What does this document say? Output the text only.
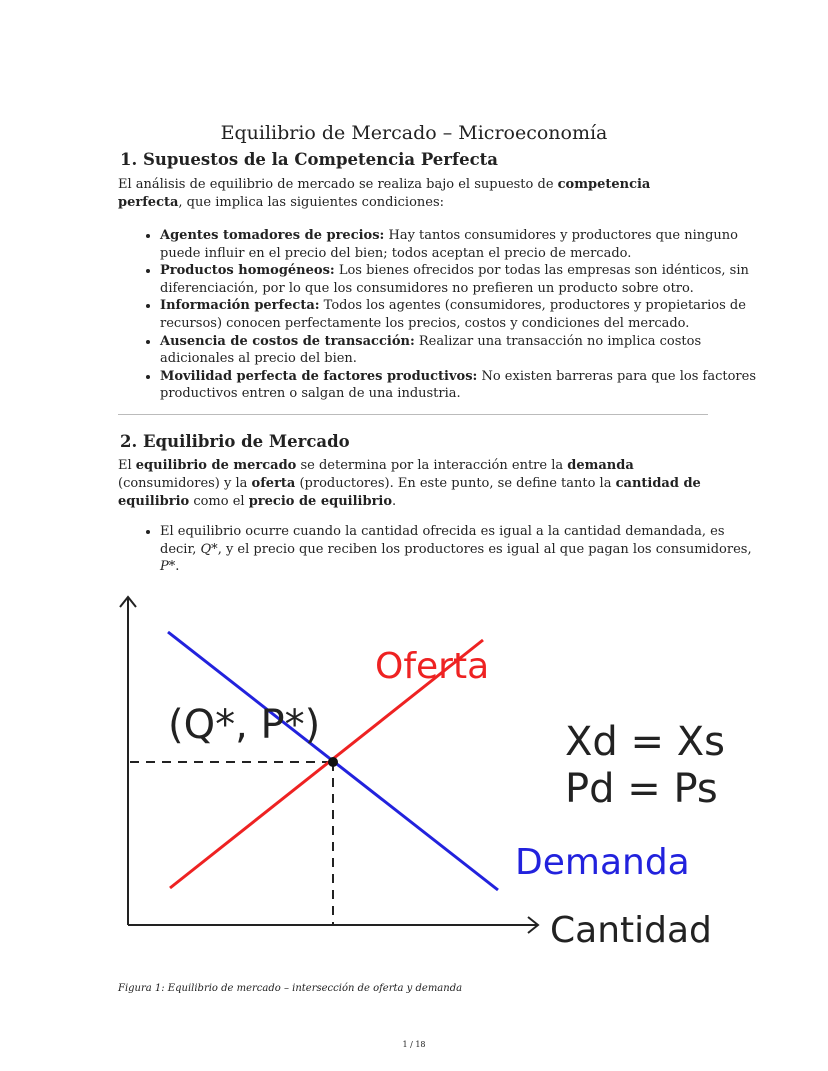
Equilibrio de Mercado – Microeconomía
1. Supuestos de la Competencia Perfecta

El análisis de equilibrio de mercado se realiza bajo el supuesto de competencia perfecta, que implica las siguientes condiciones:

• Agentes tomadores de precios: Hay tantos consumidores y productores que ninguno puede influir en el precio del bien; todos aceptan el precio de mercado.
• Productos homogéneos: Los bienes ofrecidos por todas las empresas son idénticos, sin diferenciación, por lo que los consumidores no prefieren un producto sobre otro.
• Información perfecta: Todos los agentes (consumidores, productores y propietarios de recursos) conocen perfectamente los precios, costos y condiciones del mercado.
• Ausencia de costos de transacción: Realizar una transacción no implica costos adicionales al precio del bien.
• Movilidad perfecta de factores productivos: No existen barreras para que los factores productivos entren o salgan de una industria.
2. Equilibrio de Mercado

El equilibrio de mercado se determina por la interacción entre la demanda (consumidores) y la oferta (productores). En este punto, se define tanto la cantidad de equilibrio como el precio de equilibrio.

• El equilibrio ocurre cuando la cantidad ofrecida es igual a la cantidad demandada, es decir, Q*, y el precio que reciben los productores es igual al que pagan los consumidores, P*.
Oferta
(Q*, P*)	Xd = Xs
Pd = Ps
Demanda
Cantidad
Figura 1: Equilibrio de mercado – intersección de oferta y demanda
1 / 18
